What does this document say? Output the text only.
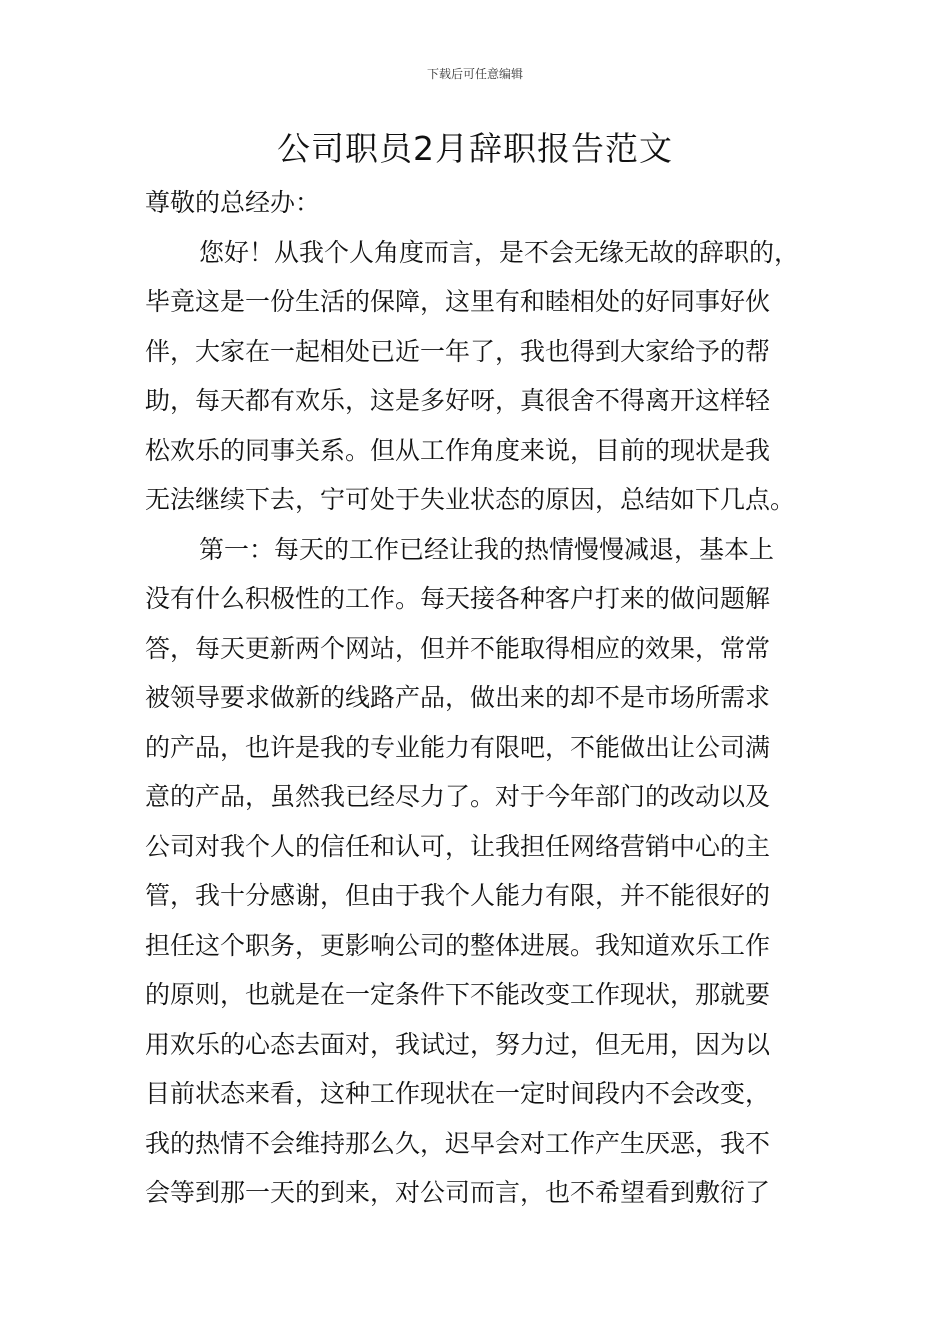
下载后可任意编辑
公司职员2月辞职报告范文
尊敬的总经办：
您好！从我个人角度而言，是不会无缘无故的辞职的，
毕竟这是一份生活的保障，这里有和睦相处的好同事好伙
伴，大家在一起相处已近一年了，我也得到大家给予的帮
助，每天都有欢乐，这是多好呀，真很舍不得离开这样轻
松欢乐的同事关系。但从工作角度来说，目前的现状是我
无法继续下去，宁可处于失业状态的原因，总结如下几点。
第一：每天的工作已经让我的热情慢慢减退，基本上
没有什么积极性的工作。每天接各种客户打来的做问题解
答，每天更新两个网站，但并不能取得相应的效果，常常
被领导要求做新的线路产品，做出来的却不是市场所需求
的产品，也许是我的专业能力有限吧，不能做出让公司满
意的产品，虽然我已经尽力了。对于今年部门的改动以及
公司对我个人的信任和认可，让我担任网络营销中心的主
管，我十分感谢，但由于我个人能力有限，并不能很好的
担任这个职务，更影响公司的整体进展。我知道欢乐工作
的原则，也就是在一定条件下不能改变工作现状，那就要
用欢乐的心态去面对，我试过，努力过，但无用，因为以
目前状态来看，这种工作现状在一定时间段内不会改变，
我的热情不会维持那么久，迟早会对工作产生厌恶，我不
会等到那一天的到来，对公司而言，也不希望看到敷衍了
